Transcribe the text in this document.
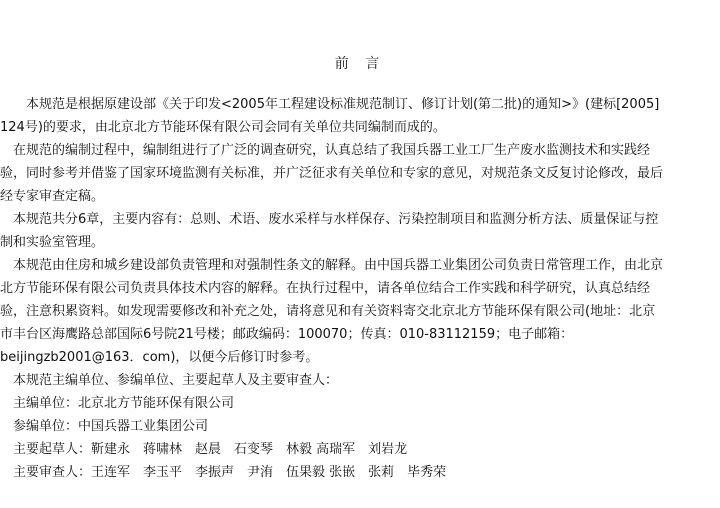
前 言
　　本规范是根据原建设部《关于印发<2005年工程建设标准规范制订、修订计划(第二批)的通知>》(建标[2005]
124号)的要求，由北京北方节能环保有限公司会同有关单位共同编制而成的。
　在规范的编制过程中，编制组进行了广泛的调查研究，认真总结了我国兵器工业工厂生产废水监测技术和实践经
验，同时参考并借鉴了国家环境监测有关标准，并广泛征求有关单位和专家的意见，对规范条文反复讨论修改，最后
经专家审查定稿。
　本规范共分6章，主要内容有：总则、术语、废水采样与水样保存、污染控制项目和监测分析方法、质量保证与控
制和实验室管理。
　本规范由住房和城乡建设部负责管理和对强制性条文的解释。由中国兵器工业集团公司负责日常管理工作，由北京
北方节能环保有限公司负责具体技术内容的解释。在执行过程中，请各单位结合工作实践和科学研究，认真总结经
验，注意积累资料。如发现需要修改和补充之处，请将意见和有关资料寄交北京北方节能环保有限公司(地址：北京
市丰台区海鹰路总部国际6号院21号楼；邮政编码：100070；传真：010-83112159；电子邮箱：
beijingzb2001@163．com)，以便今后修订时参考。
　本规范主编单位、参编单位、主要起草人及主要审查人：
　主编单位：北京北方节能环保有限公司
　参编单位：中国兵器工业集团公司
　主要起草人：靳建永　蒋啸林　赵晨　石变琴　林毅 高瑞军　刘岩龙
　主要审查人：王连军　李玉平　李振声　尹洧　伍果毅 张嵌　张莉　毕秀荣
